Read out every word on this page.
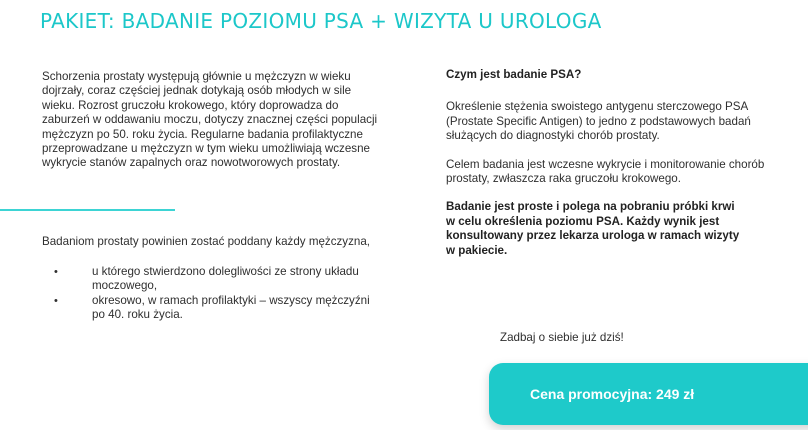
PAKIET: BADANIE POZIOMU PSA + WIZYTA U UROLOGA

Schorzenia prostaty występują głównie u mężczyzn w wieku dojrzały, coraz częściej jednak dotykają osób młodych w sile wieku. Rozrost gruczołu krokowego, który doprowadza do zaburzeń w oddawaniu moczu, dotyczy znacznej części populacji mężczyzn po 50. roku życia. Regularne badania profilaktyczne przeprowadzane u mężczyzn w tym wieku umożliwiają wczesne wykrycie stanów zapalnych oraz nowotworowych prostaty.

Badaniom prostaty powinien zostać poddany każdy mężczyzna,

•	u którego stwierdzono dolegliwości ze strony układu moczowego,
•	okresowo, w ramach profilaktyki – wszyscy mężczyźni po 40. roku życia.

Czym jest badanie PSA?

Określenie stężenia swoistego antygenu sterczowego PSA (Prostate Specific Antigen) to jedno z podstawowych badań służących do diagnostyki chorób prostaty.

Celem badania jest wczesne wykrycie i monitorowanie chorób prostaty, zwłaszcza raka gruczołu krokowego.

Badanie jest proste i polega na pobraniu próbki krwi w celu określenia poziomu PSA. Każdy wynik jest konsultowany przez lekarza urologa w ramach wizyty w pakiecie.

Zadbaj o siebie już dziś!

Cena promocyjna: 249 zł
